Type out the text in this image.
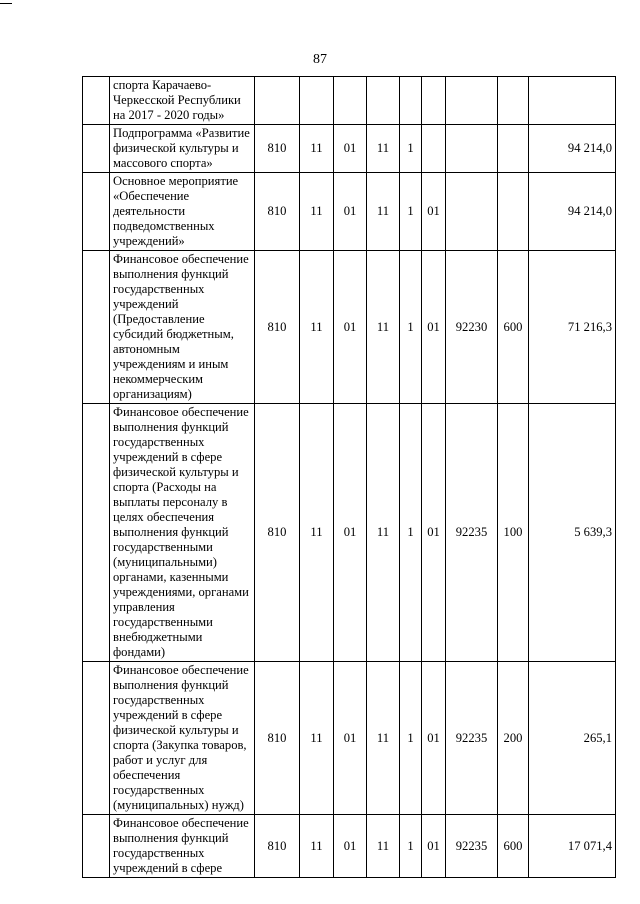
87
	спорта Карачаево-Черкесской Республики на 2017 - 2020 годы»									
	Подпрограмма «Развитие физической культуры и массового спорта»	810	11	01	11	1				94 214,0
	Основное мероприятие «Обеспечение деятельности подведомственных учреждений»	810	11	01	11	1	01			94 214,0
	Финансовое обеспечение выполнения функций государственных учреждений (Предоставление субсидий бюджетным, автономным учреждениям и иным некоммерческим организациям)	810	11	01	11	1	01	92230	600	71 216,3
	Финансовое обеспечение выполнения функций государственных учреждений в сфере физической культуры и спорта (Расходы на выплаты персоналу в целях обеспечения выполнения функций государственными (муниципальными) органами, казенными учреждениями, органами управления государственными внебюджетными фондами)	810	11	01	11	1	01	92235	100	5 639,3
	Финансовое обеспечение выполнения функций государственных учреждений в сфере физической культуры и спорта (Закупка товаров, работ и услуг для обеспечения государственных (муниципальных) нужд)	810	11	01	11	1	01	92235	200	265,1
	Финансовое обеспечение выполнения функций государственных учреждений в сфере	810	11	01	11	1	01	92235	600	17 071,4
